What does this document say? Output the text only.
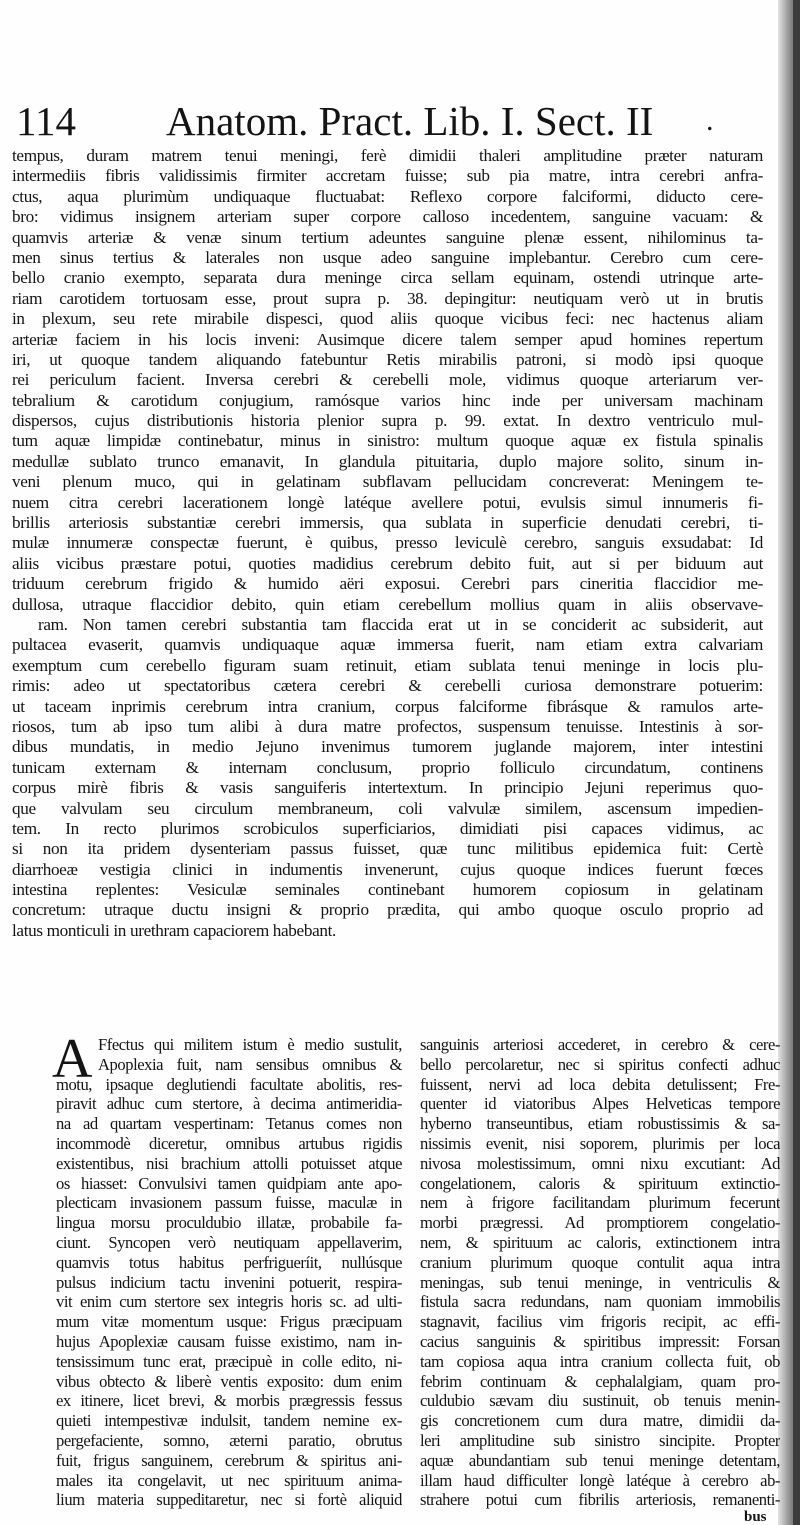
114 Anatom. Pract. Lib. I. Sect. II .
tempus, duram matrem tenui meningi, ferè dimidii thaleri amplitudine præter naturam
intermediis fibris validissimis firmiter accretam fuisse; sub pia matre, intra cerebri anfra-
ctus, aqua plurimùm undiquaque fluctuabat: Reflexo corpore falciformi, diducto cere-
bro: vidimus insignem arteriam super corpore calloso incedentem, sanguine vacuam: &
quamvis arteriæ & venæ sinum tertium adeuntes sanguine plenæ essent, nihilominus ta-
men sinus tertius & laterales non usque adeo sanguine implebantur. Cerebro cum cere-
bello cranio exempto, separata dura meninge circa sellam equinam, ostendi utrinque arte-
riam carotidem tortuosam esse, prout supra p. 38. depingitur: neutiquam verò ut in brutis
in plexum, seu rete mirabile dispesci, quod aliis quoque vicibus feci: nec hactenus aliam
arteriæ faciem in his locis inveni: Ausimque dicere talem semper apud homines repertum
iri, ut quoque tandem aliquando fatebuntur Retis mirabilis patroni, si modò ipsi quoque
rei periculum facient. Inversa cerebri & cerebelli mole, vidimus quoque arteriarum ver-
tebralium & carotidum conjugium, ramósque varios hinc inde per universam machinam
dispersos, cujus distributionis historia plenior supra p. 99. extat. In dextro ventriculo mul-
tum aquæ limpidæ continebatur, minus in sinistro: multum quoque aquæ ex fistula spinalis
medullæ sublato trunco emanavit, In glandula pituitaria, duplo majore solito, sinum in-
veni plenum muco, qui in gelatinam subflavam pellucidam concreverat: Meningem te-
nuem citra cerebri lacerationem longè latéque avellere potui, evulsis simul innumeris fi-
brillis arteriosis substantiæ cerebri immersis, qua sublata in superficie denudati cerebri, ti-
mulæ innumeræ conspectæ fuerunt, è quibus, presso leviculè cerebro, sanguis exsudabat: Id
aliis vicibus præstare potui, quoties madidius cerebrum debito fuit, aut si per biduum aut
triduum cerebrum frigido & humido aëri exposui. Cerebri pars cineritia flaccidior me-
dullosa, utraque flaccidior debito, quin etiam cerebellum mollius quam in aliis observave-
ram. Non tamen cerebri substantia tam flaccida erat ut in se conciderit ac subsiderit, aut
pultacea evaserit, quamvis undiquaque aquæ immersa fuerit, nam etiam extra calvariam
exemptum cum cerebello figuram suam retinuit, etiam sublata tenui meninge in locis plu-
rimis: adeo ut spectatoribus cætera cerebri & cerebelli curiosa demonstrare potuerim:
ut taceam inprimis cerebrum intra cranium, corpus falciforme fibrásque & ramulos arte-
riosos, tum ab ipso tum alibi à dura matre profectos, suspensum tenuisse. Intestinis à sor-
dibus mundatis, in medio Jejuno invenimus tumorem juglande majorem, inter intestini
tunicam externam & internam conclusum, proprio folliculo circundatum, continens
corpus mirè fibris & vasis sanguiferis intertextum. In principio Jejuni reperimus quo-
que valvulam seu circulum membraneum, coli valvulæ similem, ascensum impedien-
tem. In recto plurimos scrobiculos superficiarios, dimidiati pisi capaces vidimus, ac
si non ita pridem dysenteriam passus fuisset, quæ tunc militibus epidemica fuit: Certè
diarrhoeæ vestigia clinici in indumentis invenerunt, cujus quoque indices fuerunt fœces
intestina replentes: Vesiculæ seminales continebant humorem copiosum in gelatinam
concretum: utraque ductu insigni & proprio prædita, qui ambo quoque osculo proprio ad
latus monticuli in urethram capaciorem habebant.
A Ffectus qui militem istum è medio sustulit,
Apoplexia fuit, nam sensibus omnibus &
motu, ipsaque deglutiendi facultate abolitis, res-
piravit adhuc cum stertore, à decima antimeridia-
na ad quartam vespertinam: Tetanus comes non
incommodè diceretur, omnibus artubus rigidis
existentibus, nisi brachium attolli potuisset atque
os hiasset: Convulsivi tamen quidpiam ante apo-
plecticam invasionem passum fuisse, maculæ in
lingua morsu proculdubio illatæ, probabile fa-
ciunt. Syncopen verò neutiquam appellaverim,
quamvis totus habitus perfrigueríit, nullúsque
pulsus indicium tactu invenini potuerit, respira-
vit enim cum stertore sex integris horis sc. ad ulti-
mum vitæ momentum usque: Frigus præcipuam
hujus Apoplexiæ causam fuisse existimo, nam in-
tensissimum tunc erat, præcipuè in colle edito, ni-
vibus obtecto & liberè ventis exposito: dum enim
ex itinere, licet brevi, & morbis prægressis fessus
quieti intempestivæ indulsit, tandem nemine ex-
pergefaciente, somno, æterni paratio, obrutus
fuit, frigus sanguinem, cerebrum & spiritus ani-
males ita congelavit, ut nec spirituum anima-
lium materia suppeditaretur, nec si fortè aliquid
sanguinis arteriosi accederet, in cerebro & cere-
bello percolaretur, nec si spiritus confecti adhuc
fuissent, nervi ad loca debita detulissent; Fre-
quenter id viatoribus Alpes Helveticas tempore
hyberno transeuntibus, etiam robustissimis & sa-
nissimis evenit, nisi soporem, plurimis per loca
nivosa molestissimum, omni nixu excutiant: Ad
congelationem, caloris & spirituum extinctio-
nem à frigore facilitandam plurimum fecerunt
morbi prægressi. Ad promptiorem congelatio-
nem, & spirituum ac caloris, extinctionem intra
cranium plurimum quoque contulit aqua intra
meningas, sub tenui meninge, in ventriculis &
fistula sacra redundans, nam quoniam immobilis
stagnavit, facilius vim frigoris recipit, ac effi-
cacius sanguinis & spiritibus impressit: Forsan
tam copiosa aqua intra cranium collecta fuit, ob
febrim continuam & cephalalgiam, quam pro-
culdubio sævam diu sustinuit, ob tenuis menin-
gis concretionem cum dura matre, dimidii da-
leri amplitudine sub sinistro sincipite. Propter
aquæ abundantiam sub tenui meninge detentam,
illam haud difficulter longè latéque à cerebro ab-
strahere potui cum fibrilis arteriosis, remanenti-
bus
